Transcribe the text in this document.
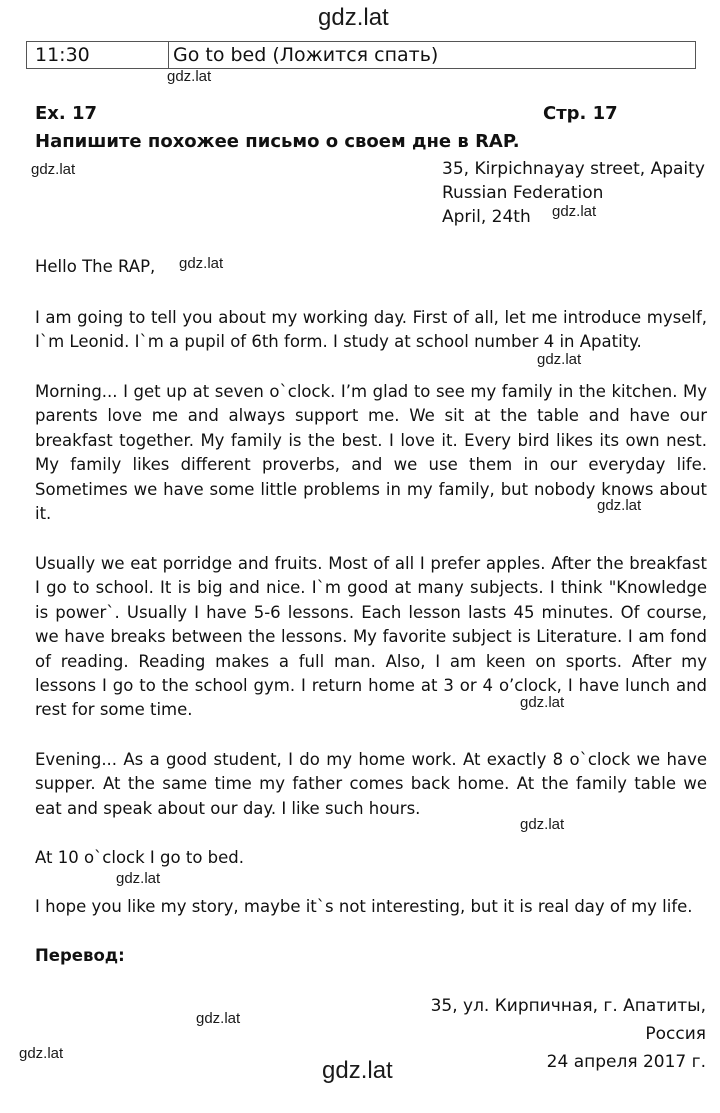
gdz.lat
11:30	Go to bed (Ложится спать)
gdz.lat
Ex. 17	Стр. 17
Напишите похожее письмо о своем дне в RAP.
gdz.lat	35, Kirpichnayay street, Apaity
Russian Federation
April, 24th	gdz.lat
Hello The RAP, gdz.lat

I am going to tell you about my working day. First of all, let me introduce myself, I`m Leonid. I`m a pupil of 6th form. I study at school number 4 in Apatity.

gdz.lat

Morning... I get up at seven o`clock. I’m glad to see my family in the kitchen. My parents love me and always support me. We sit at the table and have our breakfast together. My family is the best. I love it. Every bird likes its own nest. My family likes different proverbs, and we use them in our everyday life. Sometimes we have some little problems in my family, but nobody knows about it.	gdz.lat

Usually we eat porridge and fruits. Most of all I prefer apples. After the breakfast I go to school. It is big and nice. I`m good at many subjects. I think "Knowledge is power`. Usually I have 5-6 lessons. Each lesson lasts 45 minutes. Of course, we have breaks between the lessons. My favorite subject is Literature. I am fond of reading. Reading makes a full man. Also, I am keen on sports. After my lessons I go to the school gym. I return home at 3 or 4 o’clock, I have lunch and rest for some time.	gdz.lat

Evening... As a good student, I do my home work. At exactly 8 o`clock we have supper. At the same time my father comes back home. At the family table we eat and speak about our day. I like such hours.

gdz.lat
At 10 o`clock I go to bed.
gdz.lat
I hope you like my story, maybe it`s not interesting, but it is real day of my life.
Перевод:
35, ул. Кирпичная, г. Апатиты,
Россия
24 апреля 2017 г.
gdz.lat
gdz.lat
gdz.lat
